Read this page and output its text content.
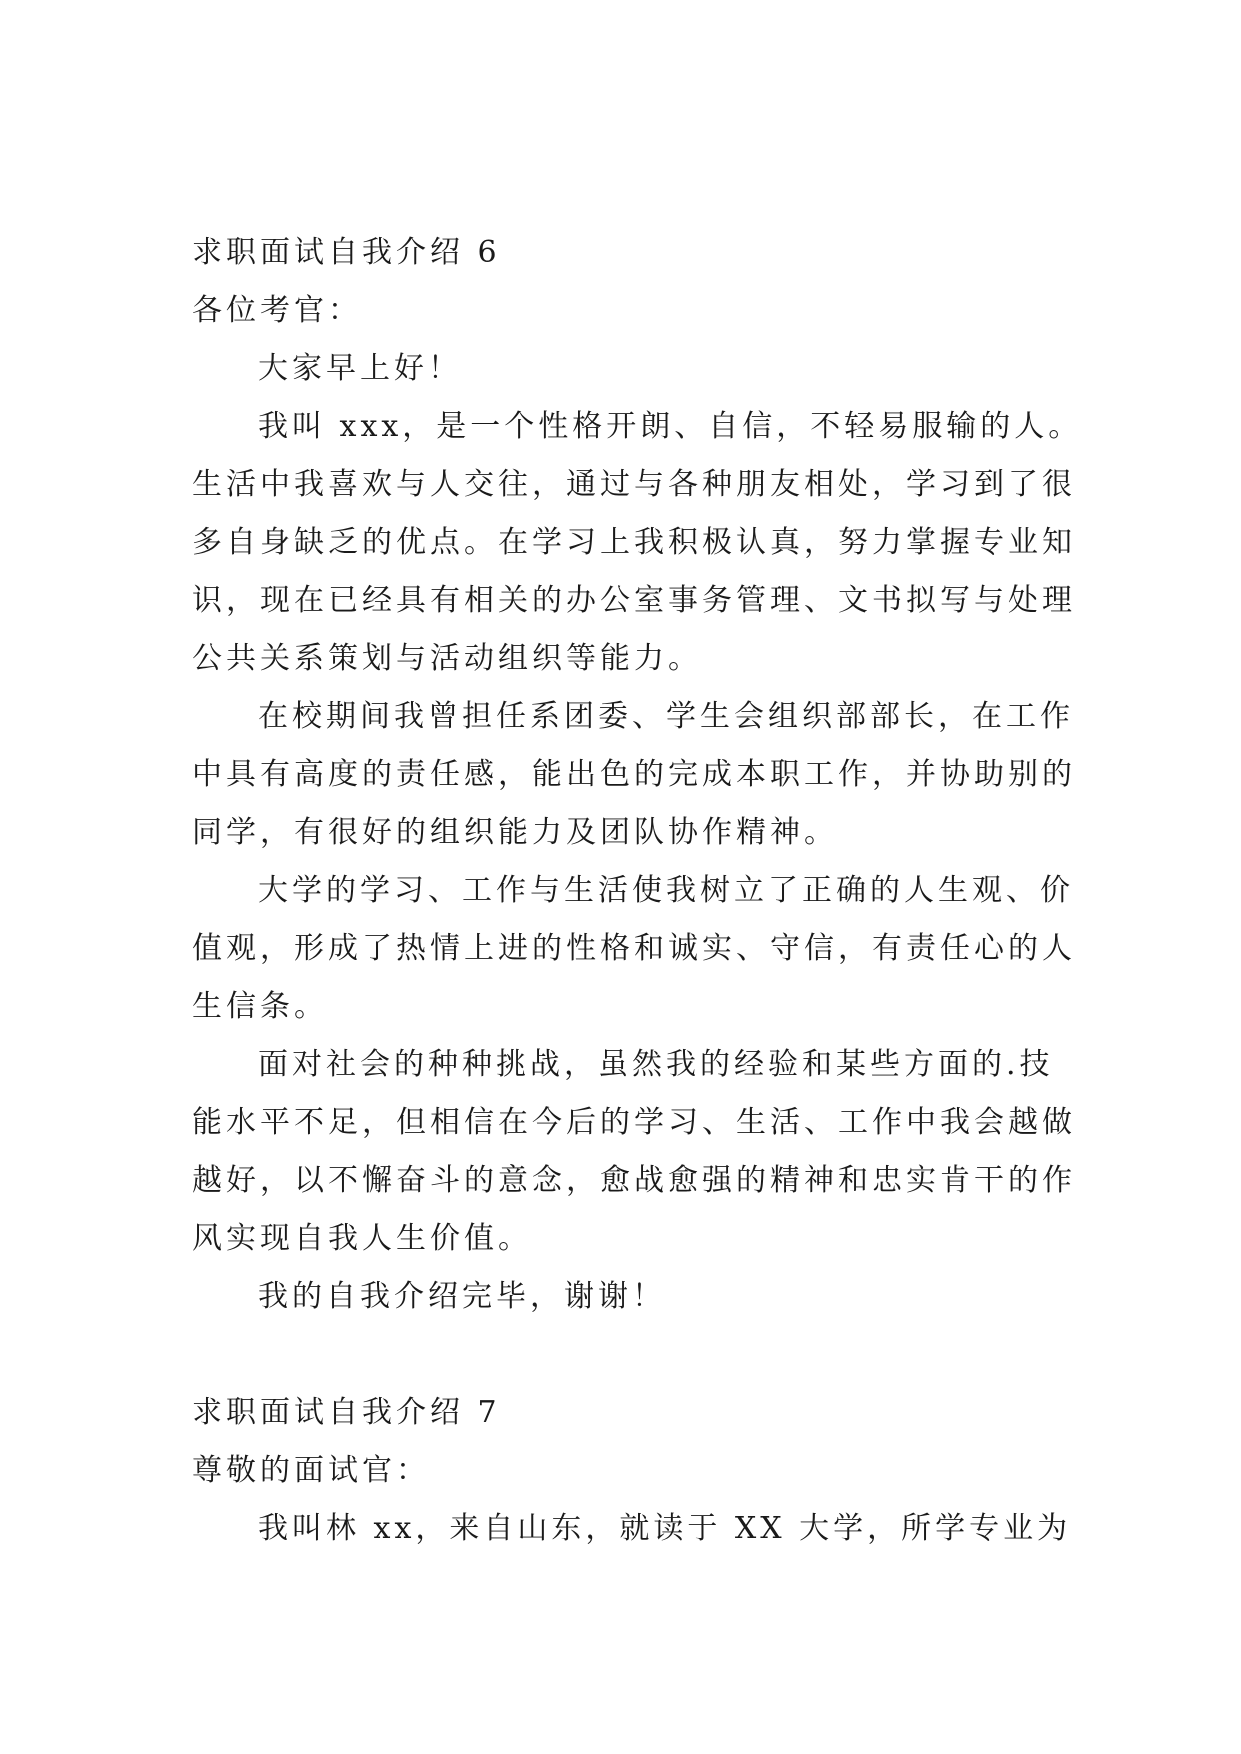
求职面试自我介绍 6
各位考官：
大家早上好！
我叫 xxx，是一个性格开朗、自信，不轻易服输的人。
生活中我喜欢与人交往，通过与各种朋友相处，学习到了很
多自身缺乏的优点。在学习上我积极认真，努力掌握专业知
识，现在已经具有相关的办公室事务管理、文书拟写与处理
公共关系策划与活动组织等能力。
在校期间我曾担任系团委、学生会组织部部长，在工作
中具有高度的责任感，能出色的完成本职工作，并协助别的
同学，有很好的组织能力及团队协作精神。
大学的学习、工作与生活使我树立了正确的人生观、价
值观，形成了热情上进的性格和诚实、守信，有责任心的人
生信条。
面对社会的种种挑战，虽然我的经验和某些方面的.技
能水平不足，但相信在今后的学习、生活、工作中我会越做
越好，以不懈奋斗的意念，愈战愈强的精神和忠实肯干的作
风实现自我人生价值。
我的自我介绍完毕，谢谢！
求职面试自我介绍 7
尊敬的面试官：
我叫林 xx，来自山东，就读于 XX 大学，所学专业为
